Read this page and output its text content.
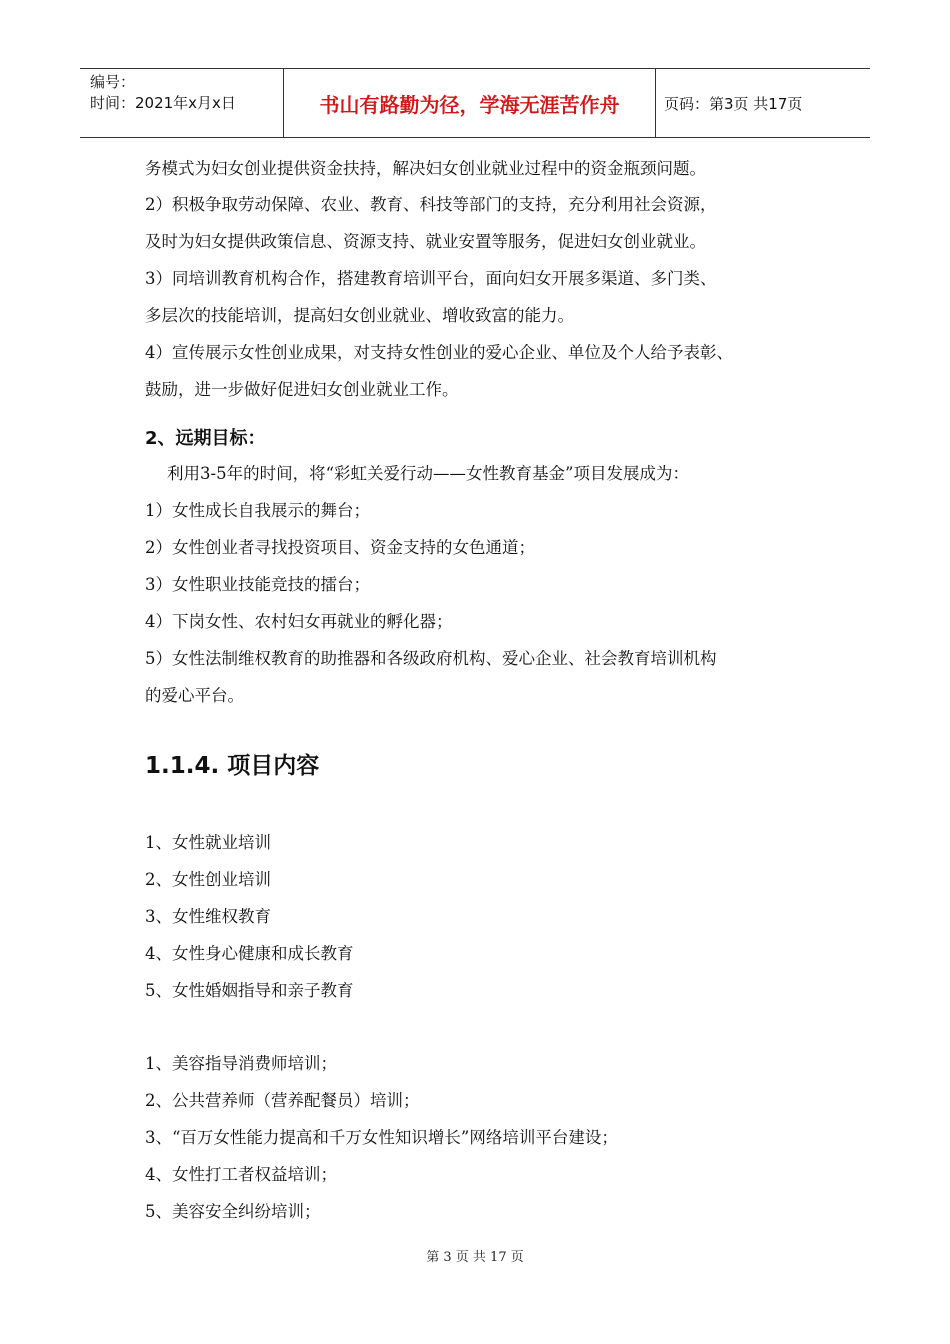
编号：
时间：2021年x月x日	书山有路勤为径，学海无涯苦作舟	页码：第3页 共17页

务模式为妇女创业提供资金扶持，解决妇女创业就业过程中的资金瓶颈问题。

2）积极争取劳动保障、农业、教育、科技等部门的支持，充分利用社会资源，

及时为妇女提供政策信息、资源支持、就业安置等服务，促进妇女创业就业。

3）同培训教育机构合作，搭建教育培训平台，面向妇女开展多渠道、多门类、

多层次的技能培训，提高妇女创业就业、增收致富的能力。

4）宣传展示女性创业成果，对支持女性创业的爱心企业、单位及个人给予表彰、

鼓励，进一步做好促进妇女创业就业工作。

2、远期目标：

利用3-5年的时间，将“彩虹关爱行动——女性教育基金”项目发展成为：

1）女性成长自我展示的舞台；

2）女性创业者寻找投资项目、资金支持的女色通道；

3）女性职业技能竞技的擂台；

4）下岗女性、农村妇女再就业的孵化器；

5）女性法制维权教育的助推器和各级政府机构、爱心企业、社会教育培训机构

的爱心平台。

1.1.4. 项目内容

1、女性就业培训

2、女性创业培训

3、女性维权教育

4、女性身心健康和成长教育

5、女性婚姻指导和亲子教育

1、美容指导消费师培训；

2、公共营养师（营养配餐员）培训；

3、“百万女性能力提高和千万女性知识增长”网络培训平台建设；

4、女性打工者权益培训；

5、美容安全纠纷培训；

第 3 页 共 17 页
